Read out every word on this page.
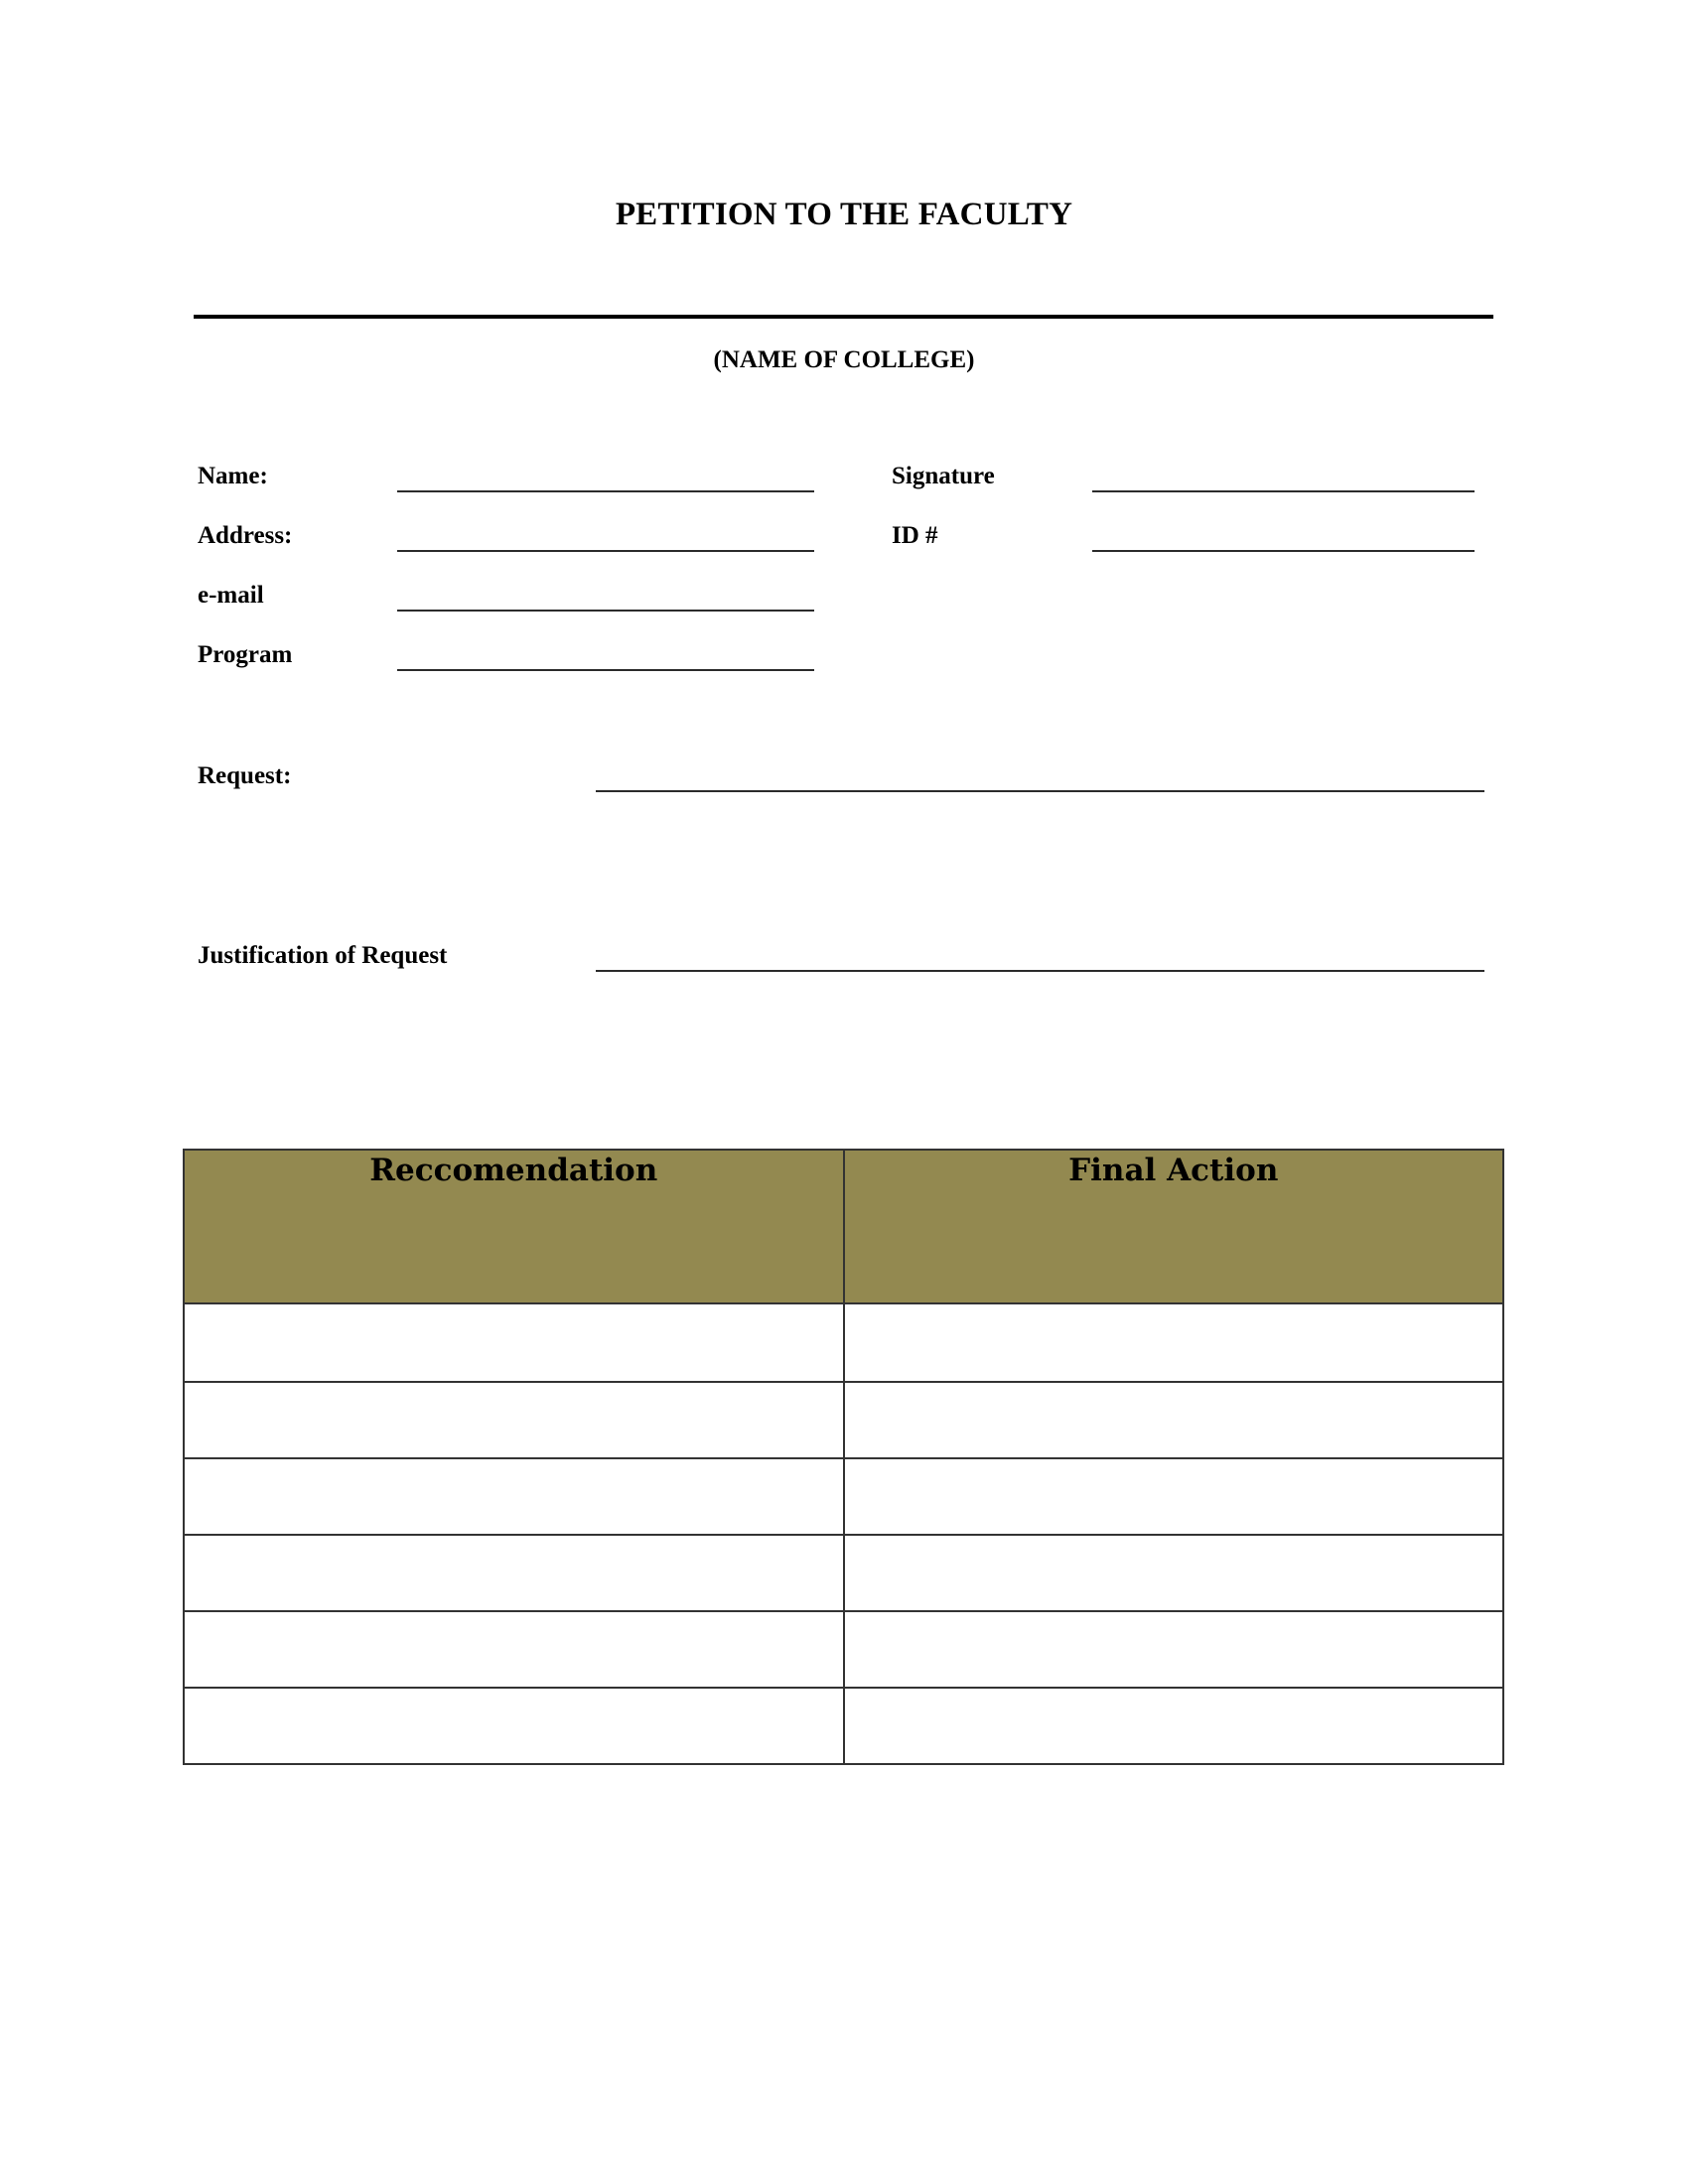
PETITION TO THE FACULTY
(NAME OF COLLEGE)
Name:
Address:
e-mail
Program
Signature
ID #
Request:
Justification of Request
Reccomendation	Final Action
